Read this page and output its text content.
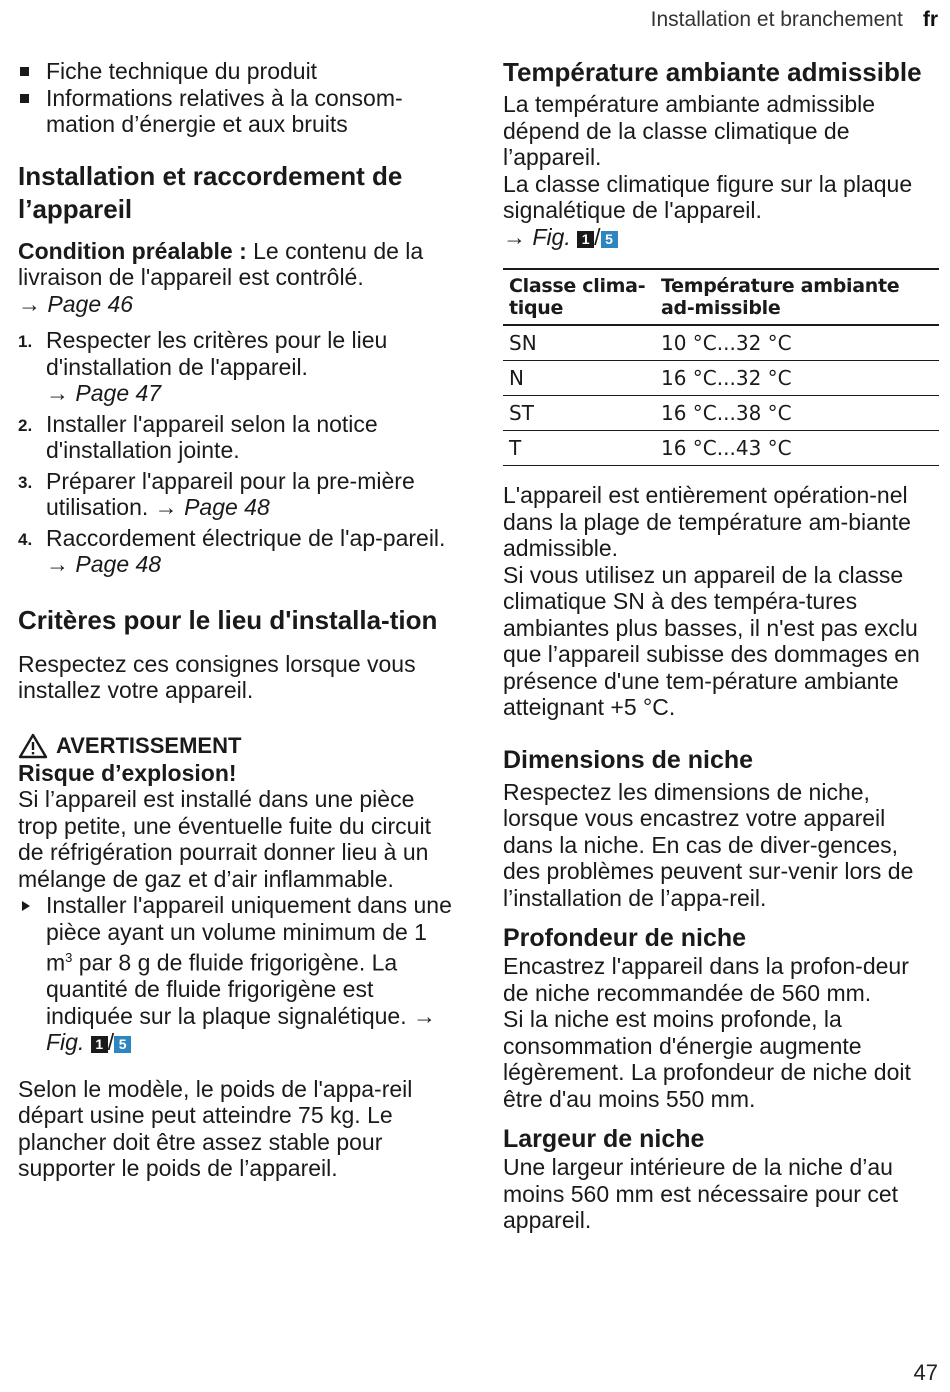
Installation et branchement fr
Fiche technique du produit
Informations relatives à la consom-mation d’énergie et aux bruits
Installation et raccordement de l’appareil

Condition préalable : Le contenu de la livraison de l'appareil est contrôlé.
→ Page 46

1. Respecter les critères pour le lieu d'installation de l'appareil.
→ Page 47
2. Installer l'appareil selon la notice d'installation jointe.
3. Préparer l'appareil pour la pre-mière utilisation. → Page 48
4. Raccordement électrique de l'ap-pareil. → Page 48
Critères pour le lieu d'installa-tion

Respectez ces consignes lorsque vous installez votre appareil.

AVERTISSEMENT
Risque d’explosion!

Si l’appareil est installé dans une pièce trop petite, une éventuelle fuite du circuit de réfrigération pourrait donner lieu à un mélange de gaz et d’air inflammable.

Installer l'appareil uniquement dans une pièce ayant un volume minimum de 1 $m^3$ par 8 g de fluide frigorigène. La quantité de fluide frigorigène est indiquée sur la plaque signalétique. → Fig. 1 / 5

Selon le modèle, le poids de l'appa-reil départ usine peut atteindre 75 kg. Le plancher doit être assez stable pour supporter le poids de l’appareil.

Température ambiante admissible

La température ambiante admissible dépend de la classe climatique de l’appareil.

La classe climatique figure sur la plaque signalétique de l'appareil.
→ Fig. 1 / 5

Classe clima-tique	Température ambiante ad-missible
SN	10 °C...32 °C
N	16 °C...32 °C
ST	16 °C...38 °C
T	16 °C...43 °C

L'appareil est entièrement opération-nel dans la plage de température am-biante admissible.

Si vous utilisez un appareil de la classe climatique SN à des tempéra-tures ambiantes plus basses, il n'est pas exclu que l’appareil subisse des dommages en présence d'une tem-pérature ambiante atteignant +5 °C.

Dimensions de niche

Respectez les dimensions de niche, lorsque vous encastrez votre appareil dans la niche. En cas de diver-gences, des problèmes peuvent sur-venir lors de l’installation de l’appa-reil.

Profondeur de niche

Encastrez l'appareil dans la profon-deur de niche recommandée de 560 mm.

Si la niche est moins profonde, la consommation d'énergie augmente légèrement. La profondeur de niche doit être d'au moins 550 mm.

Largeur de niche

Une largeur intérieure de la niche d’au moins 560 mm est nécessaire pour cet appareil.

47
